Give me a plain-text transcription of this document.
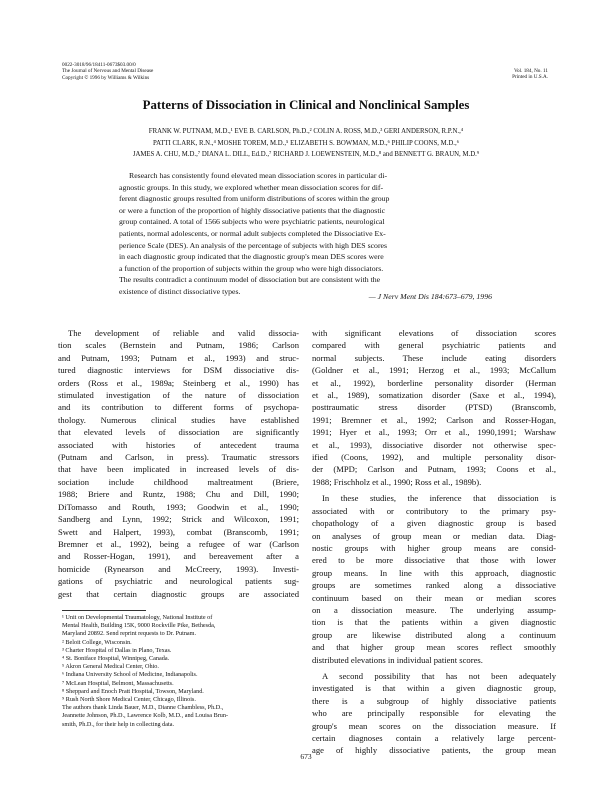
0022-3018/96/18411-0673$03.00/0
The Journal of Nervous and Mental Disease
Copyright © 1996 by Williams & Wilkins
Vol. 184, No. 11
Printed in U.S.A.
Patterns of Dissociation in Clinical and Nonclinical Samples
FRANK W. PUTNAM, M.D.,¹ EVE B. CARLSON, Ph.D.,² COLIN A. ROSS, M.D.,³ GERI ANDERSON, R.P.N.,⁴
PATTI CLARK, R.N.,⁴ MOSHE TOREM, M.D.,⁵ ELIZABETH S. BOWMAN, M.D.,⁶ PHILIP COONS, M.D.,⁶
JAMES A. CHU, M.D.,⁷ DIANA L. DILL, Ed.D.,⁷ RICHARD J. LOEWENSTEIN, M.D.,⁸ and BENNETT G. BRAUN, M.D.⁹
Research has consistently found elevated mean dissociation scores in particular di-
agnostic groups. In this study, we explored whether mean dissociation scores for dif-
ferent diagnostic groups resulted from uniform distributions of scores within the group
or were a function of the proportion of highly dissociative patients that the diagnostic
group contained. A total of 1566 subjects who were psychiatric patients, neurological
patients, normal adolescents, or normal adult subjects completed the Dissociative Ex-
perience Scale (DES). An analysis of the percentage of subjects with high DES scores
in each diagnostic group indicated that the diagnostic group's mean DES scores were
a function of the proportion of subjects within the group who were high dissociators.
The results contradict a continuum model of dissociation but are consistent with the
existence of distinct dissociative types.
— J Nerv Ment Dis 184:673–679, 1996

The development of reliable and valid dissocia-
tion scales (Bernstein and Putnam, 1986; Carlson
and Putnam, 1993; Putnam et al., 1993) and struc-
tured diagnostic interviews for DSM dissociative dis-
orders (Ross et al., 1989a; Steinberg et al., 1990) has
stimulated investigation of the nature of dissociation
and its contribution to different forms of psychopa-
thology. Numerous clinical studies have established
that elevated levels of dissociation are significantly
associated with histories of antecedent trauma
(Putnam and Carlson, in press). Traumatic stressors
that have been implicated in increased levels of dis-
sociation include childhood maltreatment (Briere,
1988; Briere and Runtz, 1988; Chu and Dill, 1990;
DiTomasso and Routh, 1993; Goodwin et al., 1990;
Sandberg and Lynn, 1992; Strick and Wilcoxon, 1991;
Swett and Halpert, 1993), combat (Branscomb, 1991;
Bremner et al., 1992), being a refugee of war (Carlson
and Rosser-Hogan, 1991), and bereavement after a
homicide (Rynearson and McCreery, 1993). Investi-
gations of psychiatric and neurological patients sug-
gest that certain diagnostic groups are associated

¹ Unit on Developmental Traumatology, National Institute of
Mental Health, Building 15K, 9000 Rockville Pike, Bethesda,
Maryland 20892. Send reprint requests to Dr. Putnam.
² Beloit College, Wisconsin.
³ Charter Hospital of Dallas in Plano, Texas.
⁴ St. Boniface Hospital, Winnipeg, Canada.
⁵ Akron General Medical Center, Ohio.
⁶ Indiana University School of Medicine, Indianapolis.
⁷ McLean Hospital, Belmont, Massachusetts.
⁸ Sheppard and Enoch Pratt Hospital, Towson, Maryland.
⁹ Rush North Shore Medical Center, Chicago, Illinois.
The authors thank Linda Bauer, M.D., Dianne Chambless, Ph.D.,
Jeannette Johnson, Ph.D., Lawrence Kolb, M.D., and Louisa Brun-
smith, Ph.D., for their help in collecting data.

with significant elevations of dissociation scores
compared with general psychiatric patients and
normal subjects. These include eating disorders
(Goldner et al., 1991; Herzog et al., 1993; McCallum
et al., 1992), borderline personality disorder (Herman
et al., 1989), somatization disorder (Saxe et al., 1994),
posttraumatic stress disorder (PTSD) (Branscomb,
1991; Bremner et al., 1992; Carlson and Rosser-Hogan,
1991; Hyer et al., 1993; Orr et al., 1990,1991; Warshaw
et al., 1993), dissociative disorder not otherwise spec-
ified (Coons, 1992), and multiple personality disor-
der (MPD; Carlson and Putnam, 1993; Coons et al.,
1988; Frischholz et al., 1990; Ross et al., 1989b).

In these studies, the inference that dissociation is
associated with or contributory to the primary psy-
chopathology of a given diagnostic group is based
on analyses of group mean or median data. Diag-
nostic groups with higher group means are consid-
ered to be more dissociative that those with lower
group means. In line with this approach, diagnostic
groups are sometimes ranked along a dissociative
continuum based on their mean or median scores
on a dissociation measure. The underlying assump-
tion is that the patients within a given diagnostic
group are likewise distributed along a continuum
and that higher group mean scores reflect smoothly
distributed elevations in individual patient scores.

A second possibility that has not been adequately
investigated is that within a given diagnostic group,
there is a subgroup of highly dissociative patients
who are principally responsible for elevating the
group's mean scores on the dissociation measure. If
certain diagnoses contain a relatively large percent-
age of highly dissociative patients, the group mean

673
